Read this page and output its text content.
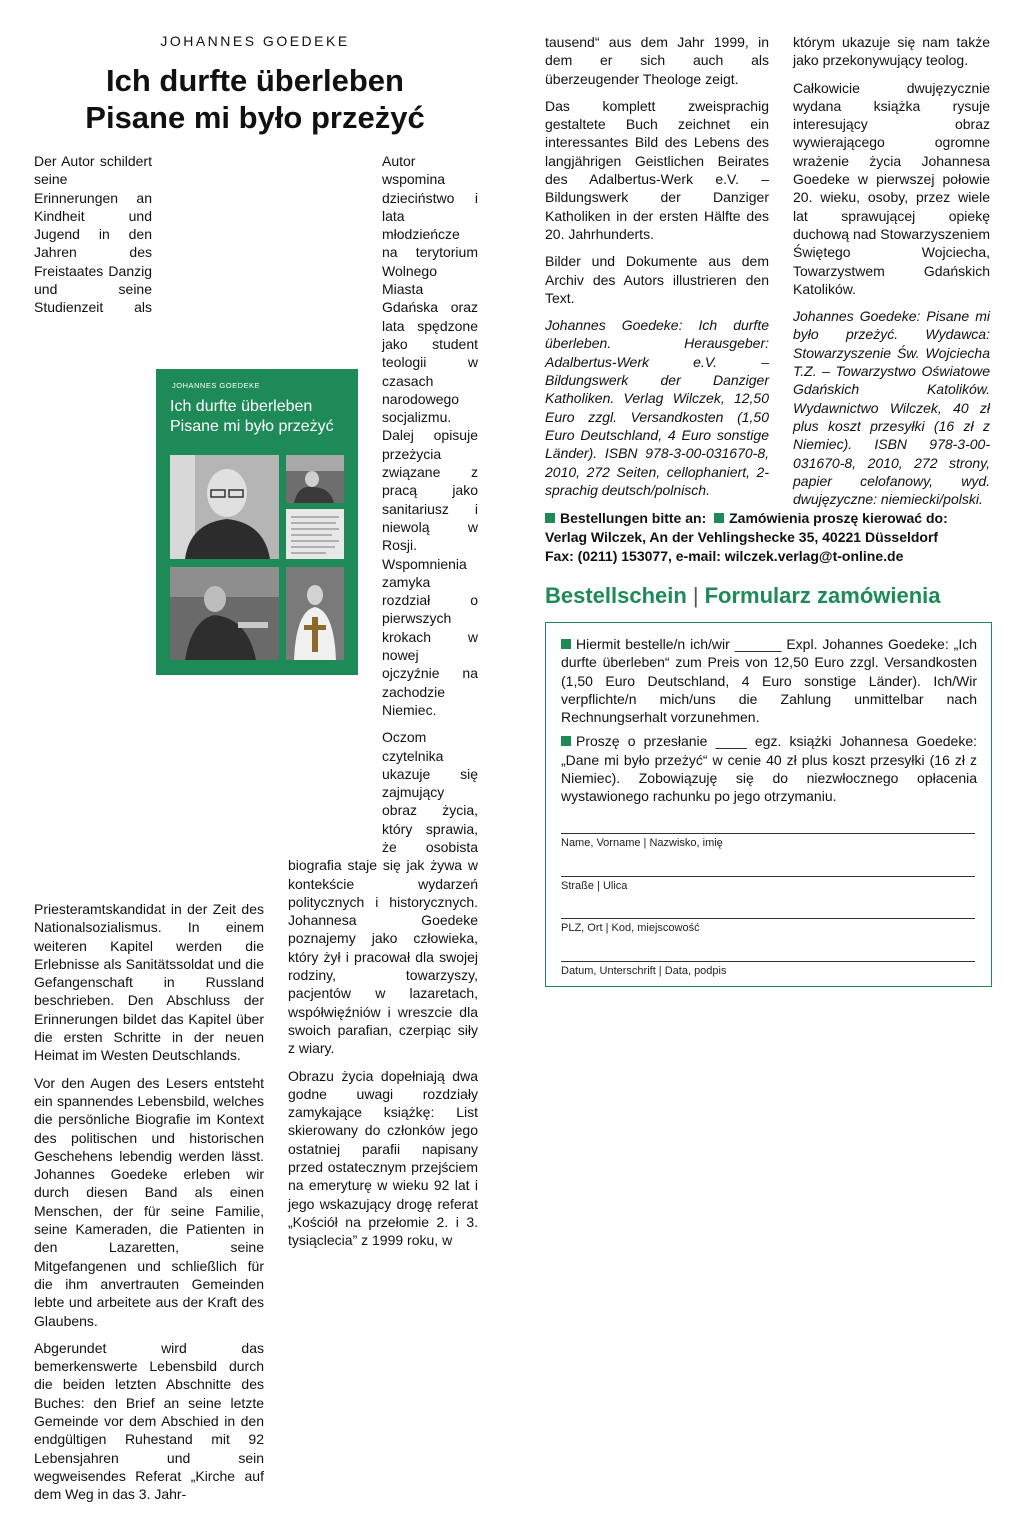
JOHANNES GOEDEKE
Ich durfte überleben
Pisane mi było przeżyć

Der Autor schildert seine Erinnerungen an Kindheit und Jugend in den Jahren des Freistaates Danzig und seine Studienzeit als Priesteramtskandidat in der Zeit des Nationalsozialismus. In einem weiteren Kapitel werden die Erlebnisse als Sanitätssoldat und die Gefangenschaft in Russland beschrieben. Den Abschluss der Erinnerungen bildet das Kapitel über die ersten Schritte in der neuen Heimat im Westen Deutschlands.

Vor den Augen des Lesers entsteht ein spannendes Lebensbild, welches die persönliche Biografie im Kontext des politischen und historischen Geschehens lebendig werden lässt. Johannes Goedeke erleben wir durch diesen Band als einen Menschen, der für seine Familie, seine Kameraden, die Patienten in den Lazaretten, seine Mitgefangenen und schließlich für die ihm anvertrauten Gemeinden lebte und arbeitete aus der Kraft des Glaubens.

Abgerundet wird das bemerkenswerte Lebensbild durch die beiden letzten Abschnitte des Buches: den Brief an seine letzte Gemeinde vor dem Abschied in den endgültigen Ruhestand mit 92 Lebensjahren und sein wegweisendes Referat „Kirche auf dem Weg in das 3. Jahr-

Autor wspomina dzieciństwo i lata młodzieńcze na terytorium Wolnego Miasta Gdańska oraz lata spędzone jako student teologii w czasach narodowego socjalizmu. Dalej opisuje przeżycia związane z pracą jako sanitariusz i niewolą w Rosji. Wspomnienia zamyka rozdział o pierwszych krokach w nowej ojczyźnie na zachodzie Niemiec.

Oczom czytelnika ukazuje się zajmujący obraz życia, który sprawia, że osobista biografia staje się jak żywa w kontekście wydarzeń politycznych i historycznych. Johannesa Goedeke poznajemy jako człowieka, który żył i pracował dla swojej rodziny, towarzyszy, pacjentów w lazaretach, współwięźniów i wreszcie dla swoich parafian, czerpiąc siły z wiary.

Obrazu życia dopełniają dwa godne uwagi rozdziały zamykające książkę: List skierowany do członków jego ostatniej parafii napisany przed ostatecznym przejściem na emeryturę w wieku 92 lat i jego wskazujący drogę referat „Kościół na przełomie 2. i 3. tysiąclecia” z 1999 roku, w

JOHANNES GOEDEKE
Ich durfte überleben
Pisane mi było przeżyć

tausend“ aus dem Jahr 1999, in dem er sich auch als überzeugender Theologe zeigt.

Das komplett zweisprachig gestaltete Buch zeichnet ein interessantes Bild des Lebens des langjährigen Geistlichen Beirates des Adalbertus-Werk e.V. – Bildungswerk der Danziger Katholiken in der ersten Hälfte des 20. Jahrhunderts.

Bilder und Dokumente aus dem Archiv des Autors illustrieren den Text.

Johannes Goedeke: Ich durfte überleben. Herausgeber: Adalbertus-Werk e.V. – Bildungswerk der Danziger Katholiken. Verlag Wilczek, 12,50 Euro zzgl. Versandkosten (1,50 Euro Deutschland, 4 Euro sonstige Länder). ISBN 978-3-00-031670-8, 2010, 272 Seiten, cellophaniert, 2-sprachig deutsch/polnisch.

którym ukazuje się nam także jako przekonywujący teolog.

Całkowicie dwujęzycznie wydana książka rysuje interesujący obraz wywierającego ogromne wrażenie życia Johannesa Goedeke w pierwszej połowie 20. wieku, osoby, przez wiele lat sprawującej opiekę duchową nad Stowarzyszeniem Świętego Wojciecha, Towarzystwem Gdańskich Katolików.

Johannes Goedeke: Pisane mi było przeżyć. Wydawca: Stowarzyszenie Św. Wojciecha T.Z. – Towarzystwo Oświatowe Gdańskich Katolików. Wydawnictwo Wilczek, 40 zł plus koszt przesyłki (16 zł z Niemiec). ISBN 978-3-00-031670-8, 2010, 272 strony, papier celofanowy, wyd. dwujęzyczne: niemiecki/polski.

Bestellungen bitte an: Zamówienia proszę kierować do:
Verlag Wilczek, An der Vehlingshecke 35, 40221 Düsseldorf
Fax: (0211) 153077, e-mail: wilczek.verlag@t-online.de
Bestellschein | Formularz zamówienia

Hiermit bestelle/n ich/wir ______ Expl. Johannes Goedeke: „Ich durfte überleben“ zum Preis von 12,50 Euro zzgl. Versandkosten (1,50 Euro Deutschland, 4 Euro sonstige Länder). Ich/Wir verpflichte/n mich/uns die Zahlung unmittelbar nach Rechnungserhalt vorzunehmen.

Proszę o przesłanie ____ egz. książki Johannesa Goedeke: „Dane mi było przeżyć“ w cenie 40 zł plus koszt przesyłki (16 zł z Niemiec). Zobowiązuję się do niezwłocznego opłacenia wystawionego rachunku po jego otrzymaniu.

Name, Vorname | Nazwisko, imię
Straße | Ulica
PLZ, Ort | Kod, miejscowość
Datum, Unterschrift | Data, podpis
